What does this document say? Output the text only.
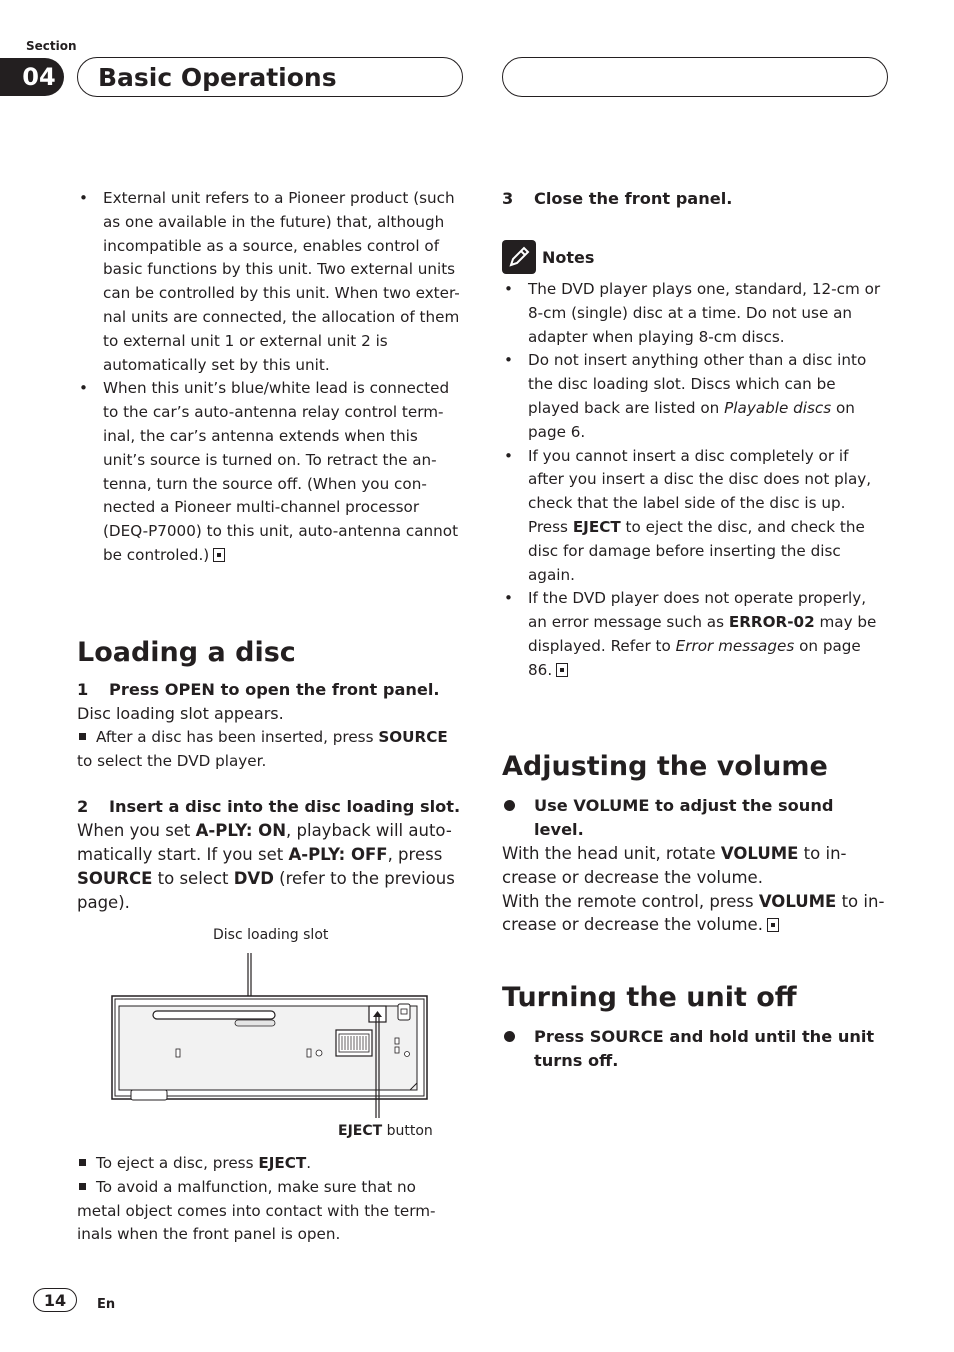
Section
04	Basic Operations

• External unit refers to a Pioneer product (such as one available in the future) that, although incompatible as a source, enables control of basic functions by this unit. Two external units can be controlled by this unit. When two exter- nal units are connected, the allocation of them to external unit 1 or external unit 2 is automatically set by this unit.

• When this unit’s blue/white lead is connected to the car’s auto-antenna relay control term- inal, the car’s antenna extends when this unit’s source is turned on. To retract the an- tenna, turn the source off. (When you con- nected a Pioneer multi-channel processor (DEQ-P7000) to this unit, auto-antenna cannot be controled.)

Loading a disc
1	Press OPEN to open the front panel.

Disc loading slot appears.

After a disc has been inserted, press SOURCE to select the DVD player.

2	Insert a disc into the disc loading slot.

When you set A-PLY: ON, playback will auto- matically start. If you set A-PLY: OFF, press SOURCE to select DVD (refer to the previous page).

Disc loading slot
EJECT button

To eject a disc, press EJECT.

To avoid a malfunction, make sure that no metal object comes into contact with the term- inals when the front panel is open.

3	Close the front panel.
Notes

• The DVD player plays one, standard, 12-cm or 8-cm (single) disc at a time. Do not use an adapter when playing 8-cm discs.

• Do not insert anything other than a disc into the disc loading slot. Discs which can be played back are listed on Playable discs on page 6.

• If you cannot insert a disc completely or if after you insert a disc the disc does not play, check that the label side of the disc is up. Press EJECT to eject the disc, and check the disc for damage before inserting the disc again.

• If the DVD player does not operate properly, an error message such as ERROR-02 may be displayed. Refer to Error messages on page 86.

Adjusting the volume
Use VOLUME to adjust the sound level.

With the head unit, rotate VOLUME to in- crease or decrease the volume.

With the remote control, press VOLUME to in- crease or decrease the volume.

Turning the unit off
Press SOURCE and hold until the unit turns off.
14	En
